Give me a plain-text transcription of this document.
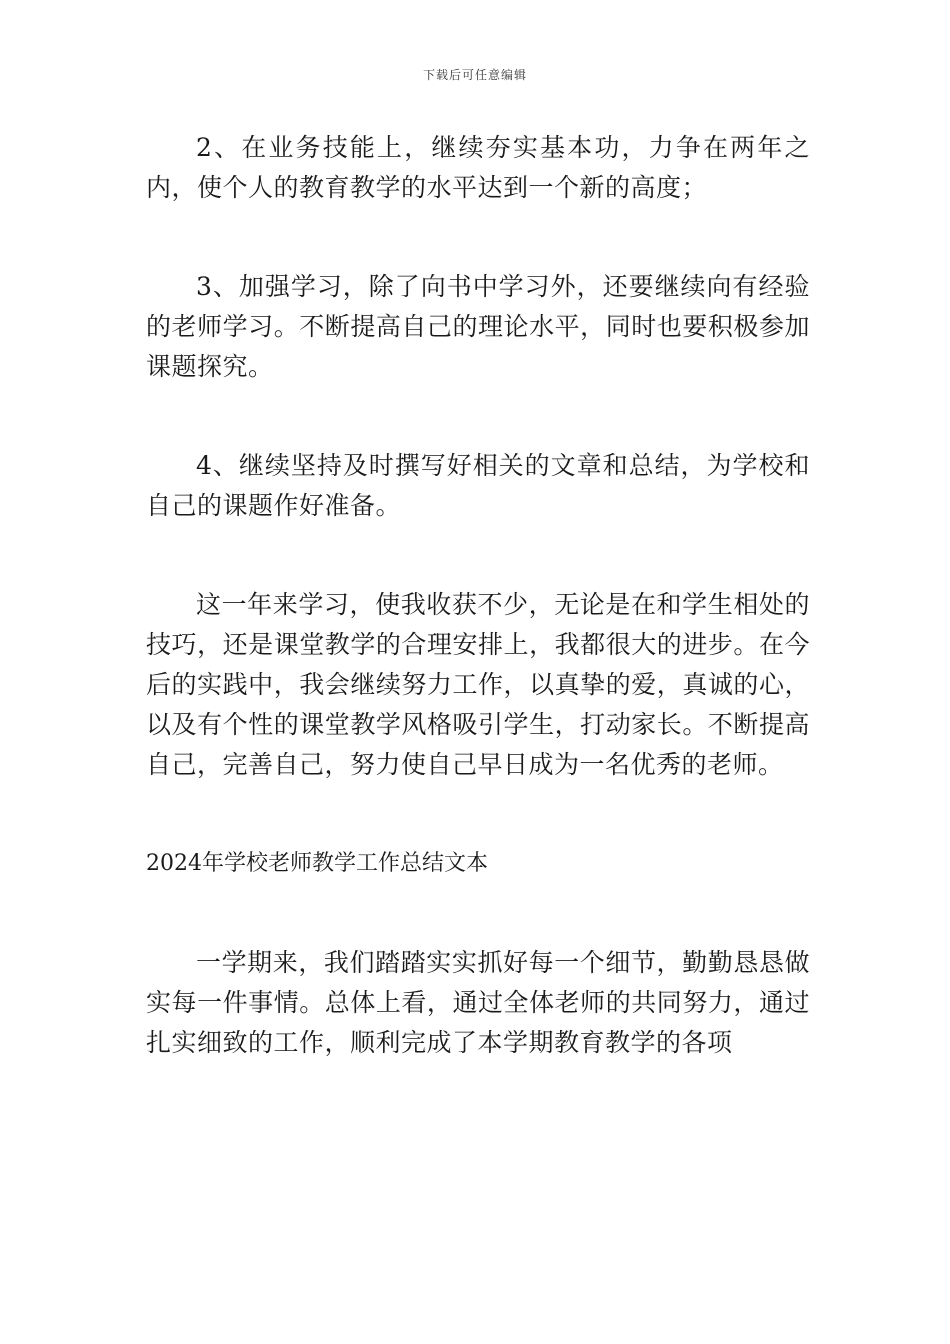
下载后可任意编辑

2、在业务技能上，继续夯实基本功，力争在两年之内，使个人的教育教学的水平达到一个新的高度；

3、加强学习，除了向书中学习外，还要继续向有经验的老师学习。不断提高自己的理论水平，同时也要积极参加课题探究。

4、继续坚持及时撰写好相关的文章和总结，为学校和自己的课题作好准备。

这一年来学习，使我收获不少，无论是在和学生相处的技巧，还是课堂教学的合理安排上，我都很大的进步。在今后的实践中，我会继续努力工作，以真挚的爱，真诚的心，以及有个性的课堂教学风格吸引学生，打动家长。不断提高自己，完善自己，努力使自己早日成为一名优秀的老师。

2024年学校老师教学工作总结文本

一学期来，我们踏踏实实抓好每一个细节，勤勤恳恳做实每一件事情。总体上看，通过全体老师的共同努力，通过扎实细致的工作，顺利完成了本学期教育教学的各项
